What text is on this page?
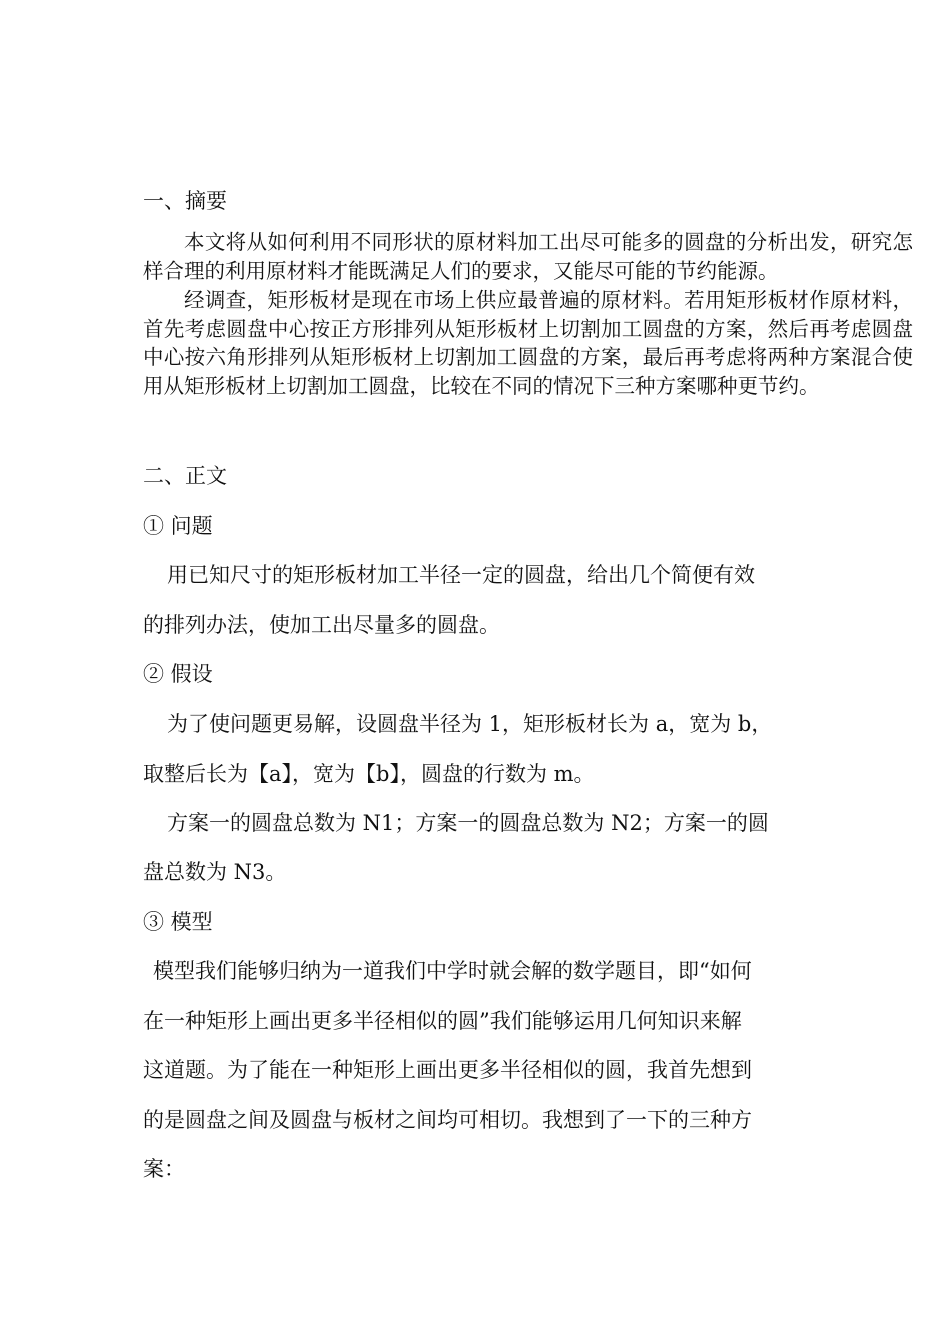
一、摘要
本文将从如何利用不同形状的原材料加工出尽可能多的圆盘的分析出发，研究怎样合理的利用原材料才能既满足人们的要求，又能尽可能的节约能源。
经调查，矩形板材是现在市场上供应最普遍的原材料。若用矩形板材作原材料，首先考虑圆盘中心按正方形排列从矩形板材上切割加工圆盘的方案，然后再考虑圆盘中心按六角形排列从矩形板材上切割加工圆盘的方案，最后再考虑将两种方案混合使用从矩形板材上切割加工圆盘，比较在不同的情况下三种方案哪种更节约。
二、正文
① 问题
用已知尺寸的矩形板材加工半径一定的圆盘，给出几个简便有效
的排列办法，使加工出尽量多的圆盘。
② 假设
为了使问题更易解，设圆盘半径为 1，矩形板材长为 a，宽为 b，
取整后长为【a】，宽为【b】，圆盘的行数为 m。
方案一的圆盘总数为 N1；方案一的圆盘总数为 N2；方案一的圆
盘总数为 N3。
③ 模型
模型我们能够归纳为一道我们中学时就会解的数学题目，即“如何
在一种矩形上画出更多半径相似的圆”我们能够运用几何知识来解
这道题。为了能在一种矩形上画出更多半径相似的圆，我首先想到
的是圆盘之间及圆盘与板材之间均可相切。我想到了一下的三种方
案：
